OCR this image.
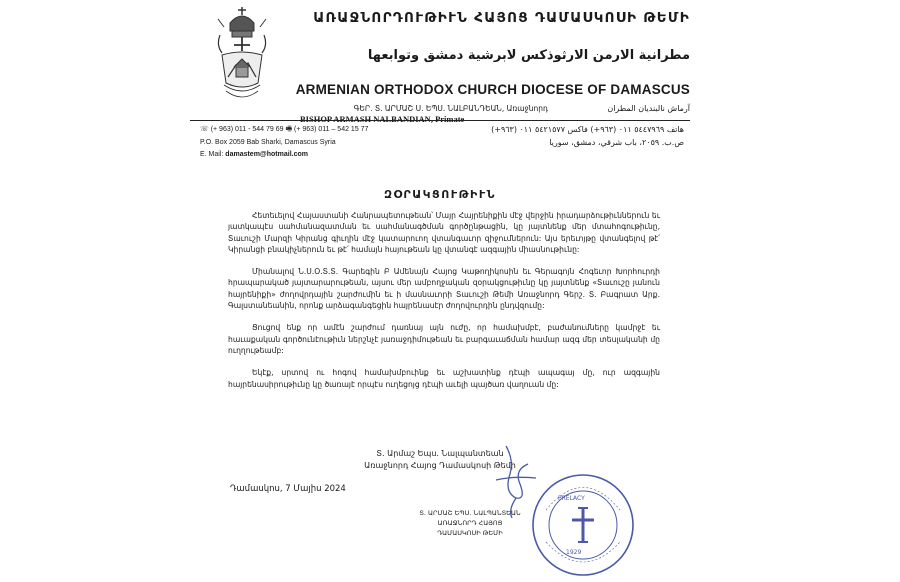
ԱՌԱՋՆՈՐԴՈՒԹԻՒՆ ՀԱՅՈՑ ԴԱՄԱՍԿՈՍԻ ԹԵՄԻ
مطرانية الارمن الارثوذكس لابرشية دمشق وتوابعها
ARMENIAN ORTHODOX CHURCH DIOCESE OF DAMASCUS
ԳԵՐ. Տ. ԱՐՄԱՇ Ս. ԵՊՍ. ՆԱԼԲԱՆԴԵԱՆ, Առաջնորդ	آرماش نالبنديان المطران
BISHOP ARMASH NALBANDIAN, Primate
☏ (+ 963) 011 - 544 79 69 🖷 (+ 963) 011 – 542 15 77
P.O. Box 2059 Bab Sharki, Damascus Syria
E. Mail: damastem@hotmail.com
هاتف ٥٤٤٧٩٦٩ ٠١١ (٩٦٣+) فاكس ٥٤٢١٥٧٧ ٠١١ (٩٦٣+)
ص.ب. ٢٠٥٩، باب شرقي، دمشق، سوريا
ԶՕՐԱԿՑՈՒԹԻՒՆ

Հետեւելով Հայաստանի Հանրապետութեան՝ Մայր Հայրենիքին մէջ վերջին իրադարձութիւններուն եւ յատկապէս սահմանազատման եւ սահմանագծման գործընթացին, կը յայտնենք մեր մտահոգութիւնը, Տաւուշի Մարզի Կիրանց գիւղին մէջ կատարուող վտանգաւոր զիջումներուն: Այս երեւոյթը վտանգելով թէ՛ Կիրանցի բնակիչներուն եւ թէ՛ համայն հայութեան կը վտանգէ ազգային միասնութիւնը:

Միանալով Ն.Ս.Օ.Տ.Տ. Գարեգին Բ Ամենայն Հայոց Կաթողիկոսին եւ Գերագոյն Հոգեւոր Խորհուրդի հրապարակած յայտարարութեան, այսու մեր ամբողջական զօրակցութիւնը կը յայտնենք «Տաւուշը յանուն հայրենիքի» ժողովրդային շարժումին եւ ի մասնաւորի Տաւուշի Թեմի Առաջնորդ Գերշ. Տ. Բագրատ Արք. Գալստանեանին, որոնք արձագանգեցին հայրենասէր ժողովուրդին ընդվզումը:

Ցուցով ենք որ ամէն շարժում դառնայ այն ուժը, որ համախմբէ, բաժանումները կամրջէ եւ հաւաքական գործունէութիւն ներշնչէ յառաջդիմութեան եւ բարգաւաճման համար ազգ մեր տեսլականի մը ուղղութեամբ:

Եկէք, սրտով ու հոգով համախմբուինք եւ աշխատինք դէպի ապագայ մը, ուր ազգային հայրենասիրութիւնը կը ծառայէ որպէս ուղեցոյց դէպի աւելի պայծառ վաղուան մը:

Տ. Արմաշ Եպս. Նալպանտեան
Առաջնորդ Հայոց Դամասկոսի Թեմի
Դամասկոս, 7 Մայիս 2024
PRELACY
1929
Տ. ԱՐՄԱՇ ԵՊՍ. ՆԱԼՊԱՆՏԵԱՆ
ԱՌԱՋՆՈՐԴ ՀԱՅՈՑ
ԴԱՄԱՍԿՈՍԻ ԹԵՄԻ
